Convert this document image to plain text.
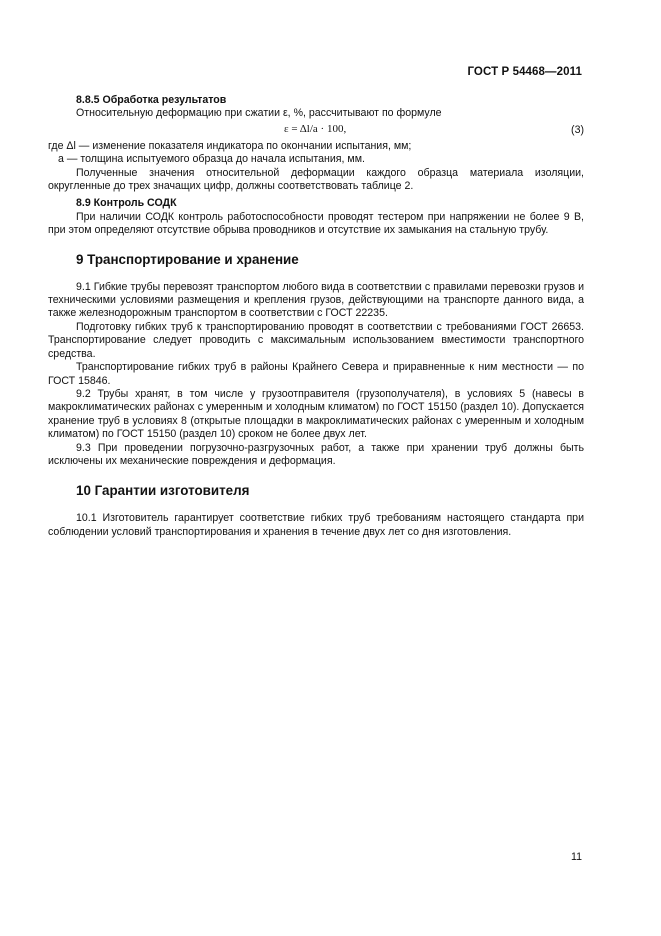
ГОСТ Р 54468—2011

8.8.5 Обработка результатов

Относительную деформацию при сжатии ε, %, рассчитывают по формуле

ε = Δl/a · 100,	(3)

где Δl — изменение показателя индикатора по окончании испытания, мм;

a — толщина испытуемого образца до начала испытания, мм.

Полученные значения относительной деформации каждого образца материала изоляции, округленные до трех значащих цифр, должны соответствовать таблице 2.

8.9 Контроль СОДК

При наличии СОДК контроль работоспособности проводят тестером при напряжении не более 9 В, при этом определяют отсутствие обрыва проводников и отсутствие их замыкания на стальную трубу.

9 Транспортирование и хранение

9.1 Гибкие трубы перевозят транспортом любого вида в соответствии с правилами перевозки грузов и техническими условиями размещения и крепления грузов, действующими на транспорте данного вида, а также железнодорожным транспортом в соответствии с ГОСТ 22235.

Подготовку гибких труб к транспортированию проводят в соответствии с требованиями ГОСТ 26653. Транспортирование следует проводить с максимальным использованием вместимости транспортного средства.

Транспортирование гибких труб в районы Крайнего Севера и приравненные к ним местности — по ГОСТ 15846.

9.2 Трубы хранят, в том числе у грузоотправителя (грузополучателя), в условиях 5 (навесы в макроклиматических районах с умеренным и холодным климатом) по ГОСТ 15150 (раздел 10). Допускается хранение труб в условиях 8 (открытые площадки в макроклиматических районах с умеренным и холодным климатом) по ГОСТ 15150 (раздел 10) сроком не более двух лет.

9.3 При проведении погрузочно-разгрузочных работ, а также при хранении труб должны быть исключены их механические повреждения и деформация.

10 Гарантии изготовителя

10.1 Изготовитель гарантирует соответствие гибких труб требованиям настоящего стандарта при соблюдении условий транспортирования и хранения в течение двух лет со дня изготовления.

11
